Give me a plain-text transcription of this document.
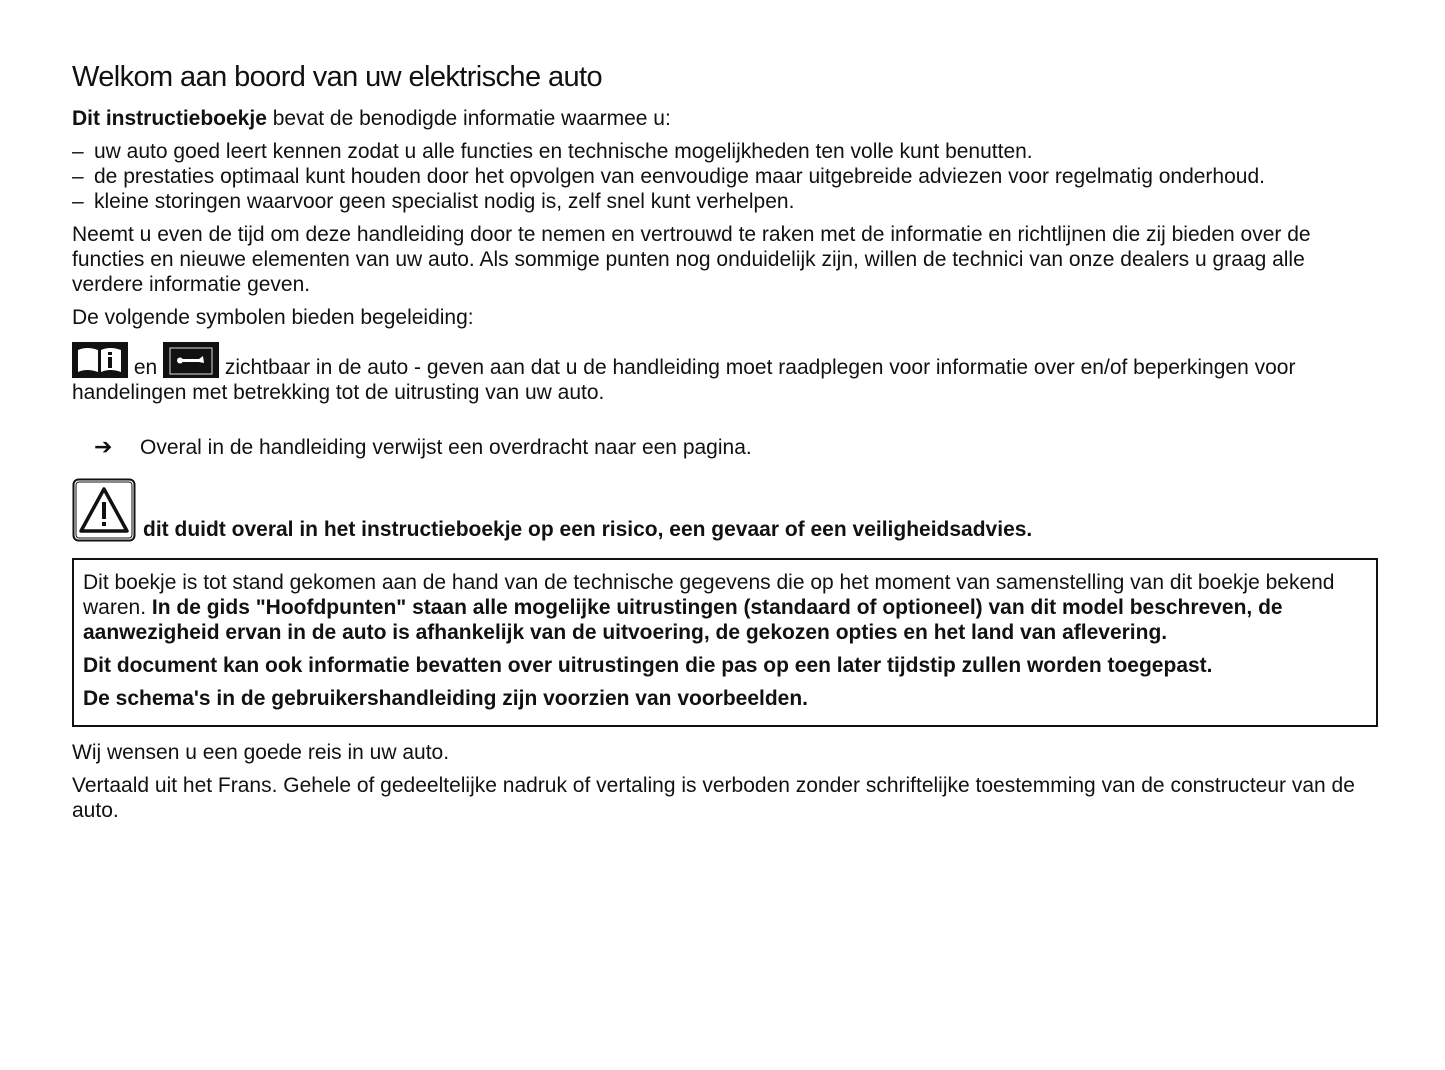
Welkom aan boord van uw elektrische auto

Dit instructieboekje bevat de benodigde informatie waarmee u:

– uw auto goed leert kennen zodat u alle functies en technische mogelijkheden ten volle kunt benutten.

– de prestaties optimaal kunt houden door het opvolgen van eenvoudige maar uitgebreide adviezen voor regelmatig onderhoud.

– kleine storingen waarvoor geen specialist nodig is, zelf snel kunt verhelpen.

Neemt u even de tijd om deze handleiding door te nemen en vertrouwd te raken met de informatie en richtlijnen die zij bieden over de functies en nieuwe elementen van uw auto. Als sommige punten nog onduidelijk zijn, willen de technici van onze dealers u graag alle verdere informatie geven.

De volgende symbolen bieden begeleiding:

en	zichtbaar in de auto - geven aan dat u de handleiding moet raadplegen voor informatie over en/of beperkingen voor handelingen met betrekking tot de uitrusting van uw auto.

➔	Overal in de handleiding verwijst een overdracht naar een pagina.

dit duidt overal in het instructieboekje op een risico, een gevaar of een veiligheidsadvies.

Dit boekje is tot stand gekomen aan de hand van de technische gegevens die op het moment van samenstelling van dit boekje bekend waren. In de gids "Hoofdpunten" staan alle mogelijke uitrustingen (standaard of optioneel) van dit model beschreven, de aanwezigheid ervan in de auto is afhankelijk van de uitvoering, de gekozen opties en het land van aflevering.

Dit document kan ook informatie bevatten over uitrustingen die pas op een later tijdstip zullen worden toegepast.

De schema's in de gebruikershandleiding zijn voorzien van voorbeelden.

Wij wensen u een goede reis in uw auto.

Vertaald uit het Frans. Gehele of gedeeltelijke nadruk of vertaling is verboden zonder schriftelijke toestemming van de constructeur van de auto.
